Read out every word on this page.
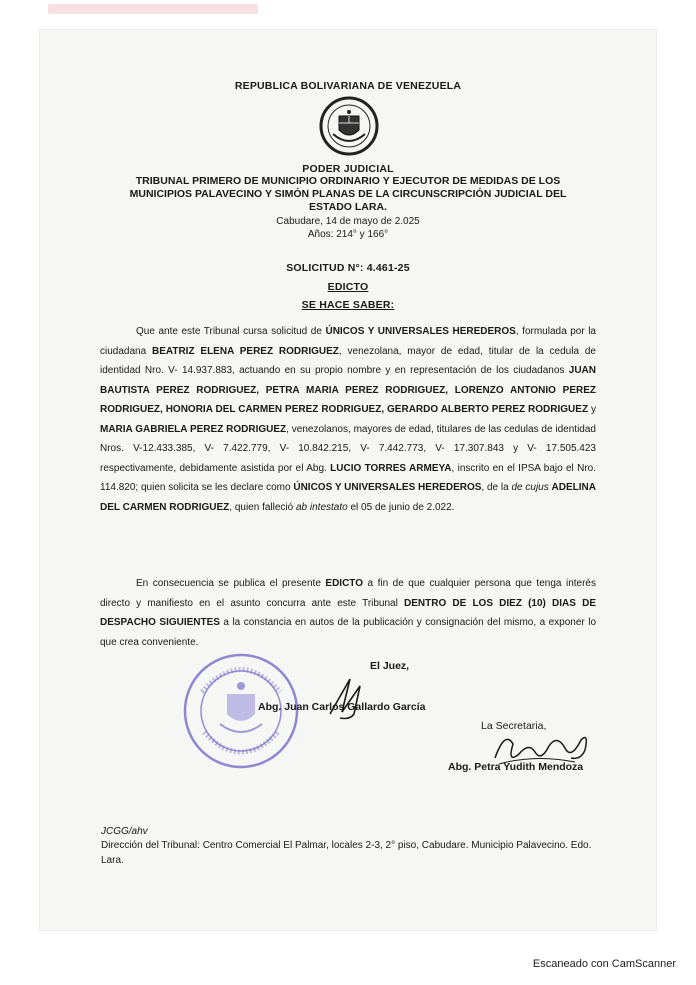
REPUBLICA BOLIVARIANA DE VENEZUELA
PODER JUDICIAL
TRIBUNAL PRIMERO DE MUNICIPIO ORDINARIO Y EJECUTOR DE MEDIDAS DE LOS
MUNICIPIOS PALAVECINO Y SIMÓN PLANAS DE LA CIRCUNSCRIPCIÓN JUDICIAL DEL
ESTADO LARA.
Cabudare, 14 de mayo de 2.025
Años: 214° y 166°
SOLICITUD N°: 4.461-25
EDICTO
SE HACE SABER:
Que ante este Tribunal cursa solicitud de ÚNICOS Y UNIVERSALES HEREDEROS, formulada por la ciudadana BEATRIZ ELENA PEREZ RODRIGUEZ, venezolana, mayor de edad, titular de la cedula de identidad Nro. V- 14.937.883, actuando en su propio nombre y en representación de los ciudadanos JUAN BAUTISTA PEREZ RODRIGUEZ, PETRA MARIA PEREZ RODRIGUEZ, LORENZO ANTONIO PEREZ RODRIGUEZ, HONORIA DEL CARMEN PEREZ RODRIGUEZ, GERARDO ALBERTO PEREZ RODRIGUEZ y MARIA GABRIELA PEREZ RODRIGUEZ, venezolanos, mayores de edad, titulares de las cedulas de identidad Nros. V-12.433.385, V- 7.422.779, V- 10.842.215, V- 7.442.773, V- 17.307.843 y V- 17.505.423 respectivamente, debidamente asistida por el Abg. LUCIO TORRES ARMEYA, inscrito en el IPSA bajo el Nro. 114.820; quien solicita se les declare como ÚNICOS Y UNIVERSALES HEREDEROS, de la de cujus ADELINA DEL CARMEN RODRIGUEZ, quien falleció ab intestato el 05 de junio de 2.022.
En consecuencia se publica el presente EDICTO a fin de que cualquier persona que tenga interés directo y manifiesto en el asunto concurra ante este Tribunal DENTRO DE LOS DIEZ (10) DIAS DE DESPACHO SIGUIENTES a la constancia en autos de la publicación y consignación del mismo, a exponer lo que crea conveniente.
El Juez,
Abg. Juan Carlos Gallardo García
La Secretaria,
Abg. Petra Yudith Mendoza
JCGG/ahv
Dirección del Tribunal: Centro Comercial El Palmar, locales 2-3, 2° piso, Cabudare. Municipio Palavecino. Edo. Lara.
Escaneado con CamScanner
